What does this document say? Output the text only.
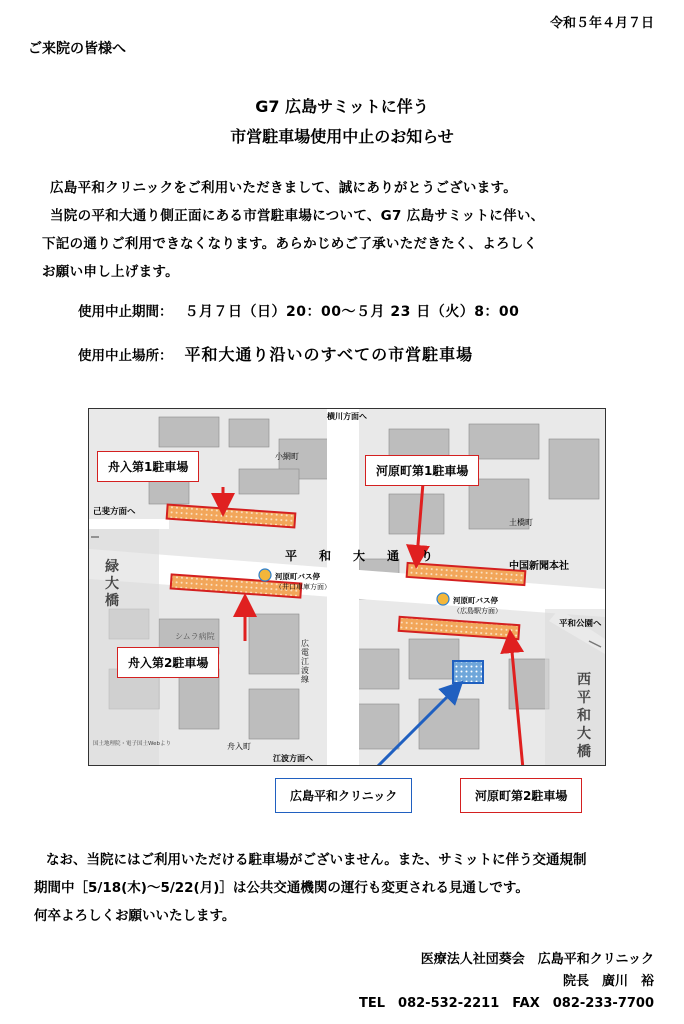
令和５年４月７日
ご来院の皆様へ
G7 広島サミットに伴う
市営駐車場使用中止のお知らせ
広島平和クリニックをご利用いただきまして、誠にありがとうございます。
当院の平和大通り側正面にある市営駐車場について、G7 広島サミットに伴い、
下記の通りご利用できなくなります。あらかじめご了承いただきたく、よろしく
お願い申し上げます。
使用中止期間： ５月７日（日）20：00〜５月 23 日（火）8：00
使用中止場所： 平和大通り沿いのすべての市営駐車場
横川方面へ
己斐方面へ
平和公園へ
江波方面へ
国土地理院・電子国土Webより
緑大橋
西平和大橋
平和大通り
中国新聞本社
小網町
土橋町
舟入町
シムラ病院
広電江波線
河原町バス停
（井口車庫方面）
河原町バス停
（広島駅方面）
舟入第1駐車場
舟入第2駐車場
河原町第1駐車場
広島平和クリニック	河原町第2駐車場
なお、当院にはご利用いただける駐車場がございません。また、サミットに伴う交通規制
期間中［5/18(木)〜5/22(月)］は公共交通機関の運行も変更される見通しです。
何卒よろしくお願いいたします。
医療法人社団葵会　広島平和クリニック
院長　廣川　裕
TEL　082-532-2211　FAX　082-233-7700
